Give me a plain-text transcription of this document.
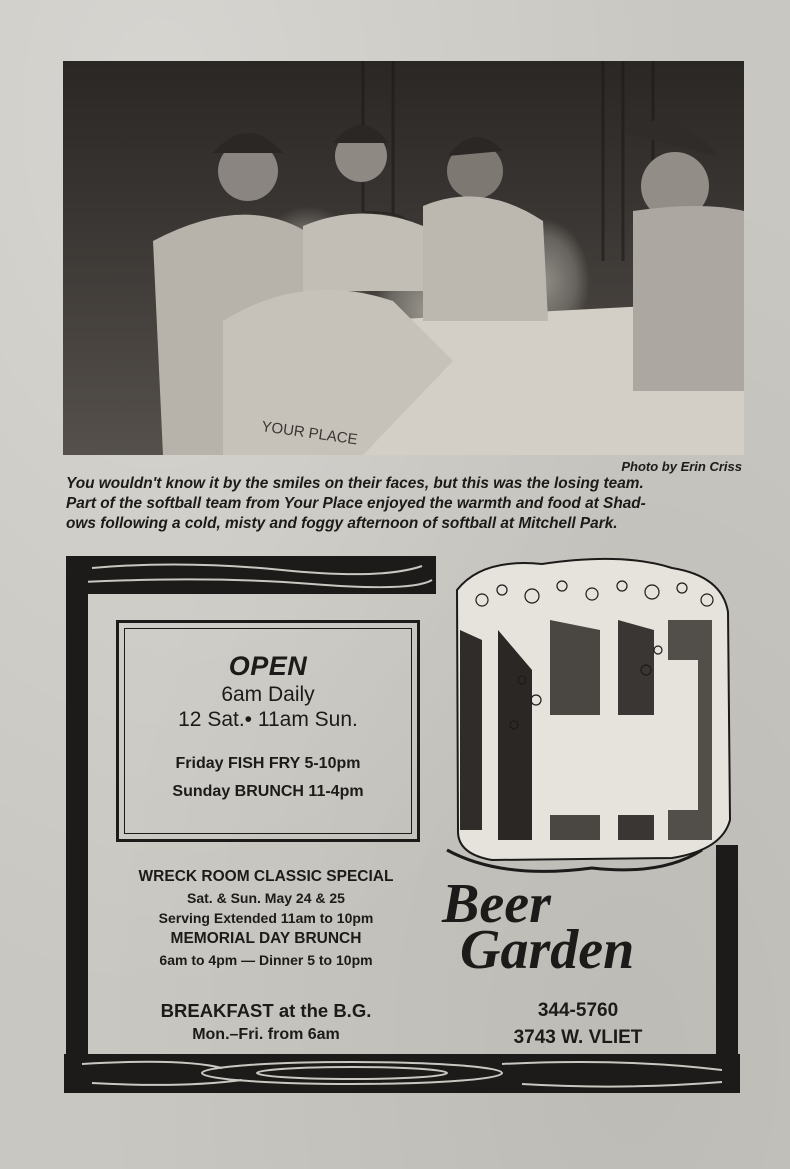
YOUR PLACE
Photo by Erin Criss
You wouldn't know it by the smiles on their faces, but this was the losing team.
Part of the softball team from Your Place enjoyed the warmth and food at Shad-
ows following a cold, misty and foggy afternoon of softball at Mitchell Park.
OPEN
6am Daily
12 Sat.• 11am Sun.
Friday FISH FRY 5-10pm
Sunday BRUNCH 11-4pm
WRECK ROOM CLASSIC SPECIAL
Sat. & Sun. May 24 & 25
Serving Extended 11am to 10pm
MEMORIAL DAY BRUNCH
6am to 4pm — Dinner 5 to 10pm
BREAKFAST at the B.G.
Mon.–Fri. from 6am
Beer
Garden
344-5760
3743 W. VLIET
